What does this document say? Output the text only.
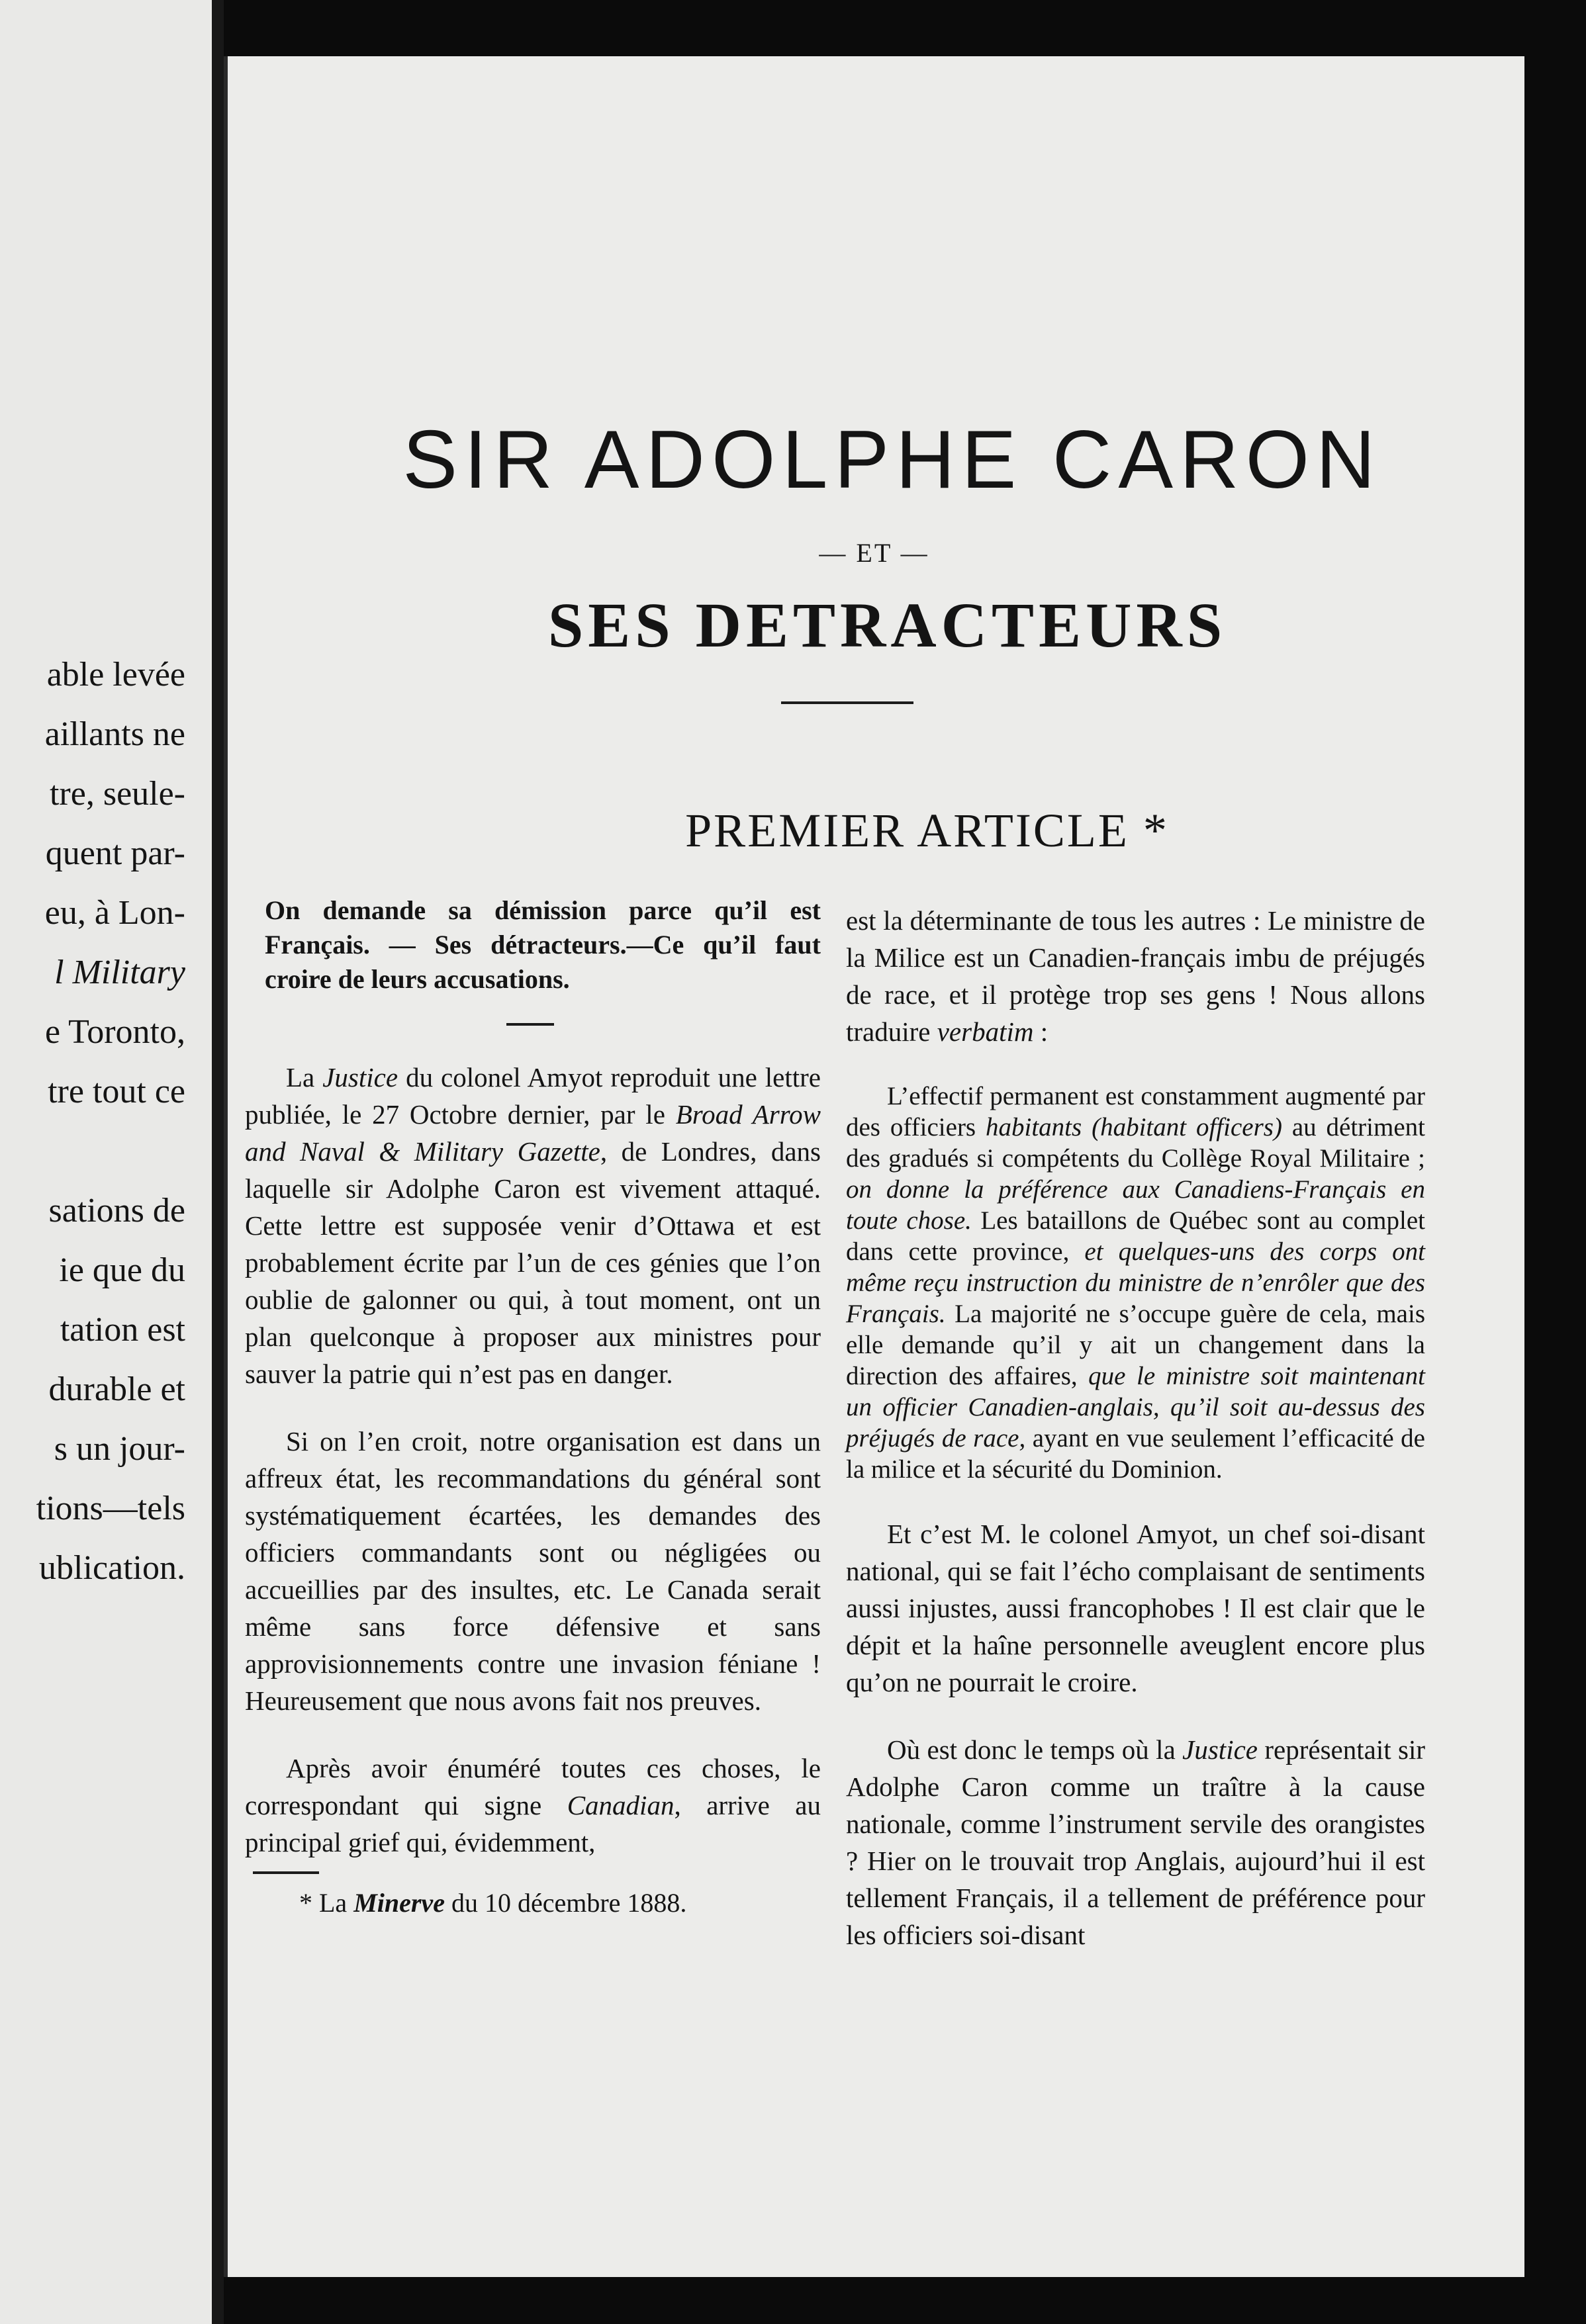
able levée
aillants ne
tre, seule-
quent par-
eu, à Lon-
l Military
e Toronto,
tre tout ce

sations de
ie que du
tation est
durable et
s un jour-
tions—tels
ublication.
SIR ADOLPHE CARON
— ET —
SES DETRACTEURS
PREMIER ARTICLE *
On demande sa démission parce qu’il est Français. — Ses détracteurs.—Ce qu’il faut croire de leurs accusations.

La Justice du colonel Amyot reproduit une lettre publiée, le 27 Octobre dernier, par le Broad Arrow and Naval & Military Gazette, de Londres, dans laquelle sir Adolphe Caron est vivement attaqué. Cette lettre est supposée venir d’Ottawa et est probablement écrite par l’un de ces génies que l’on oublie de galonner ou qui, à tout moment, ont un plan quelconque à proposer aux ministres pour sauver la patrie qui n’est pas en danger.

Si on l’en croit, notre organisation est dans un affreux état, les recommandations du général sont systématiquement écartées, les demandes des officiers commandants sont ou négligées ou accueillies par des insultes, etc. Le Canada serait même sans force défensive et sans approvisionnements contre une invasion féniane ! Heureusement que nous avons fait nos preuves.

Après avoir énuméré toutes ces choses, le correspondant qui signe Canadian, arrive au principal grief qui, évidemment,

* La Minerve du 10 décembre 1888.

est la déterminante de tous les autres : Le ministre de la Milice est un Canadien-français imbu de préjugés de race, et il protège trop ses gens ! Nous allons traduire verbatim :

L’effectif permanent est constamment augmenté par des officiers habitants (habitant officers) au détriment des gradués si compétents du Collège Royal Militaire ; on donne la préférence aux Canadiens-Français en toute chose. Les bataillons de Québec sont au complet dans cette province, et quelques-uns des corps ont même reçu instruction du ministre de n’enrôler que des Français. La majorité ne s’occupe guère de cela, mais elle demande qu’il y ait un changement dans la direction des affaires, que le ministre soit maintenant un officier Canadien-anglais, qu’il soit au-dessus des préjugés de race, ayant en vue seulement l’efficacité de la milice et la sécurité du Dominion.

Et c’est M. le colonel Amyot, un chef soi-disant national, qui se fait l’écho complaisant de sentiments aussi injustes, aussi francophobes ! Il est clair que le dépit et la haîne personnelle aveuglent encore plus qu’on ne pourrait le croire.

Où est donc le temps où la Justice représentait sir Adolphe Caron comme un traître à la cause nationale, comme l’instrument servile des orangistes ? Hier on le trouvait trop Anglais, aujourd’hui il est tellement Français, il a tellement de préférence pour les officiers soi-disant
